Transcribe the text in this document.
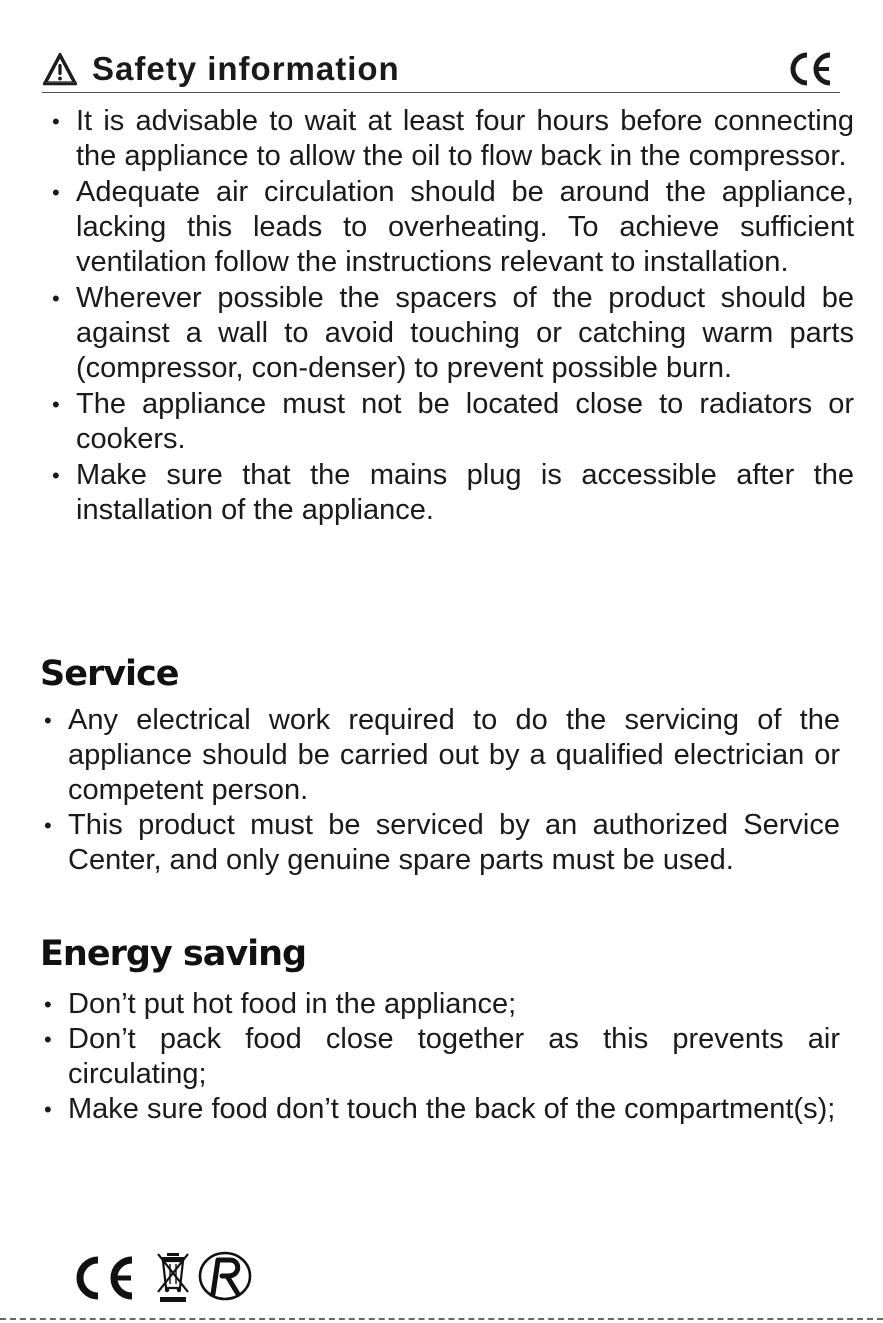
Safety information
• It is advisable to wait at least four hours before connecting the appliance to allow the oil to flow back in the compressor.
• Adequate air circulation should be around the appliance, lacking this leads to overheating. To achieve sufficient ventilation follow the instructions relevant to installation.
• Wherever possible the spacers of the product should be against a wall to avoid touching or catching warm parts (compressor, con-denser) to prevent possible burn.
• The appliance must not be located close to radiators or cookers.
• Make sure that the mains plug is accessible after the installation of the appliance.
Service
• Any electrical work required to do the servicing of the appliance should be carried out by a qualified electrician or competent person.
• This product must be serviced by an authorized Service Center, and only genuine spare parts must be used.
Energy saving
• Don’t put hot food in the appliance;
• Don’t pack food close together as this prevents air circulating;
• Make sure food don’t touch the back of the compartment(s);
